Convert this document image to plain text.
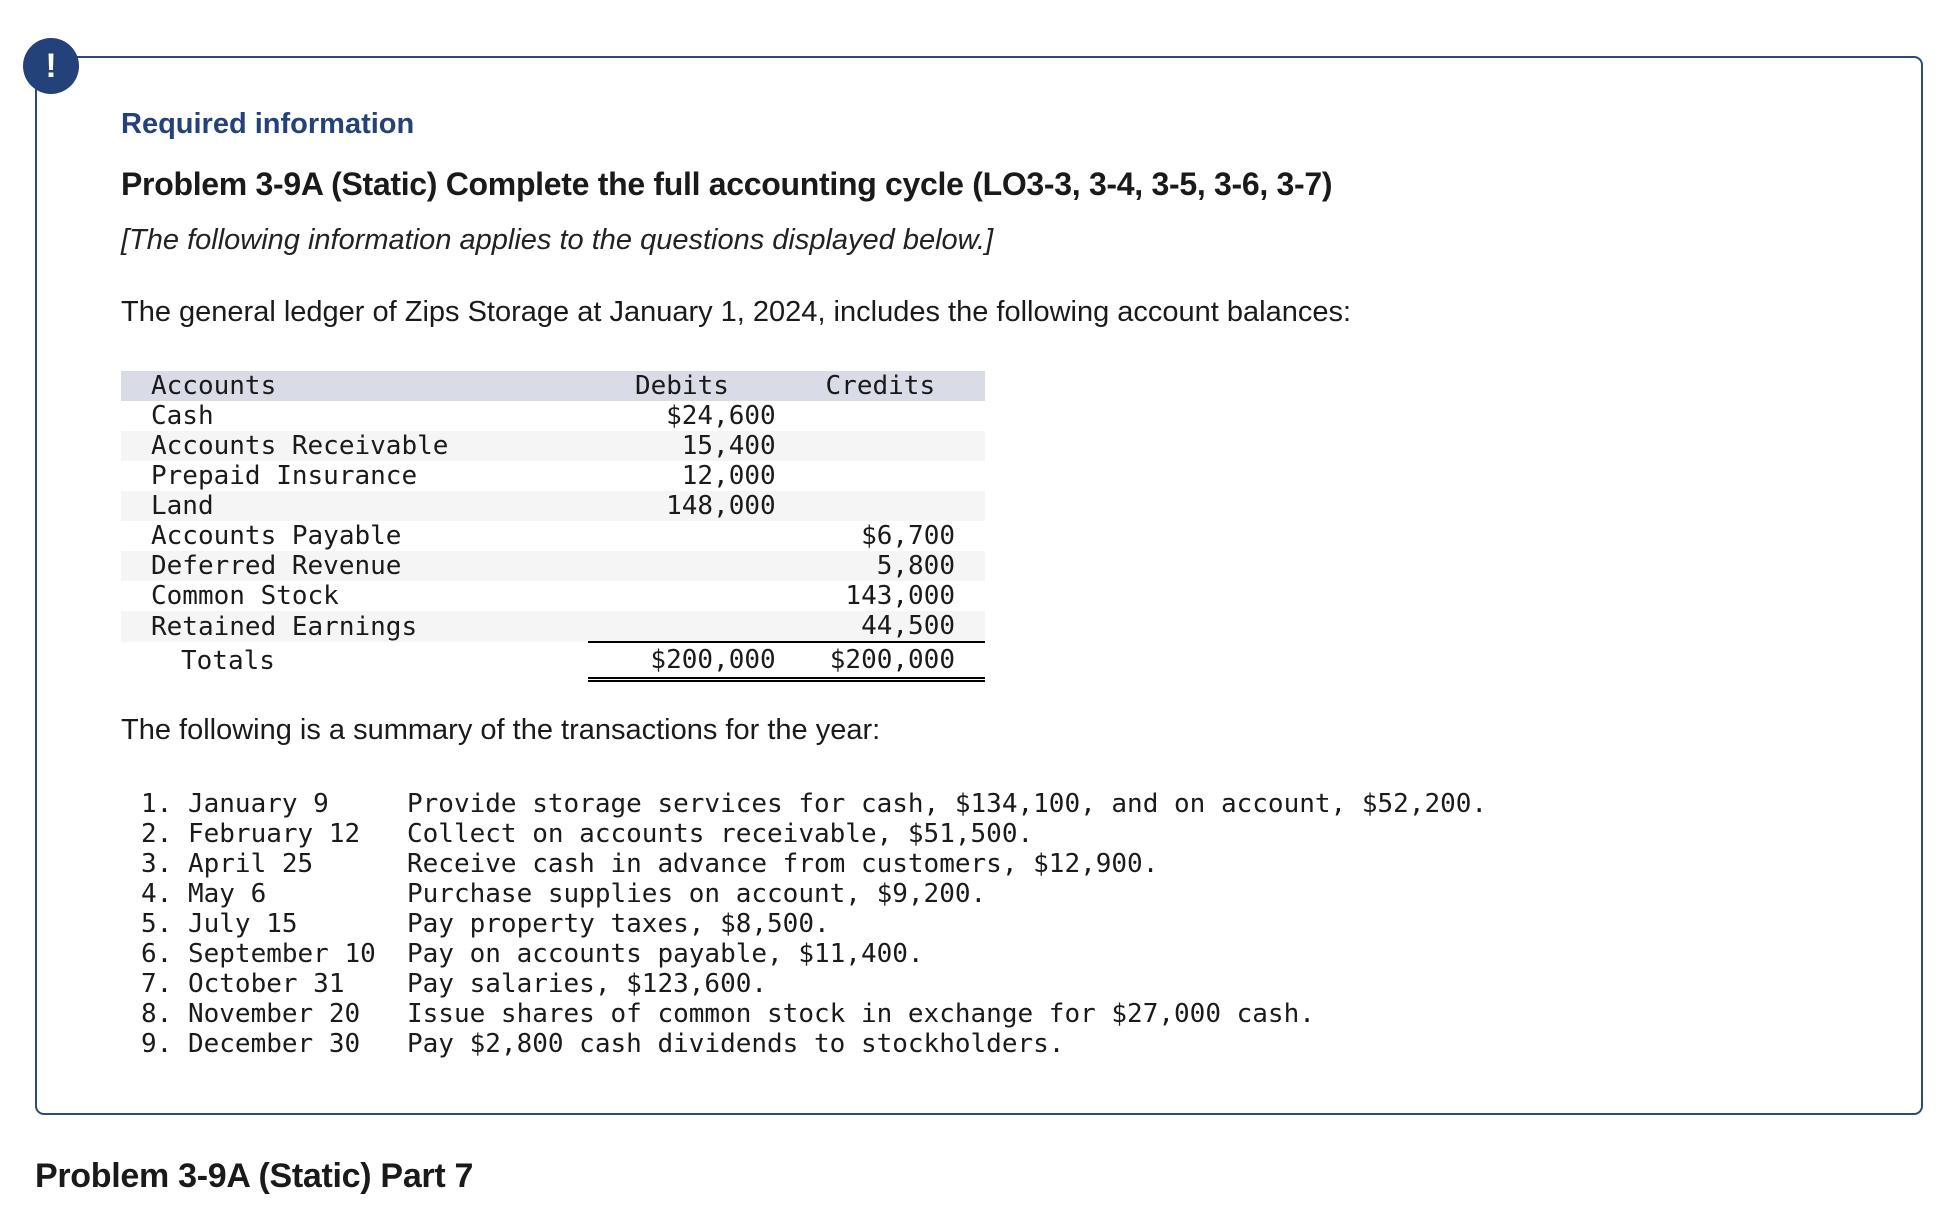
!
Required information
Problem 3-9A (Static) Complete the full accounting cycle (LO3-3, 3-4, 3-5, 3-6, 3-7)
[The following information applies to the questions displayed below.]
The general ledger of Zips Storage at January 1, 2024, includes the following account balances:
Accounts	Debits	Credits
Cash	$24,600	
Accounts Receivable	15,400	
Prepaid Insurance	12,000	
Land	148,000	
Accounts Payable		$6,700
Deferred Revenue		5,800
Common Stock		143,000
Retained Earnings		44,500
Totals	$200,000	$200,000
The following is a summary of the transactions for the year:
1. January 9	Provide storage services for cash, $134,100, and on account, $52,200.
2. February 12	Collect on accounts receivable, $51,500.
3. April 25	Receive cash in advance from customers, $12,900.
4. May 6	Purchase supplies on account, $9,200.
5. July 15	Pay property taxes, $8,500.
6. September 10	Pay on accounts payable, $11,400.
7. October 31	Pay salaries, $123,600.
8. November 20	Issue shares of common stock in exchange for $27,000 cash.
9. December 30	Pay $2,800 cash dividends to stockholders.
Problem 3-9A (Static) Part 7
